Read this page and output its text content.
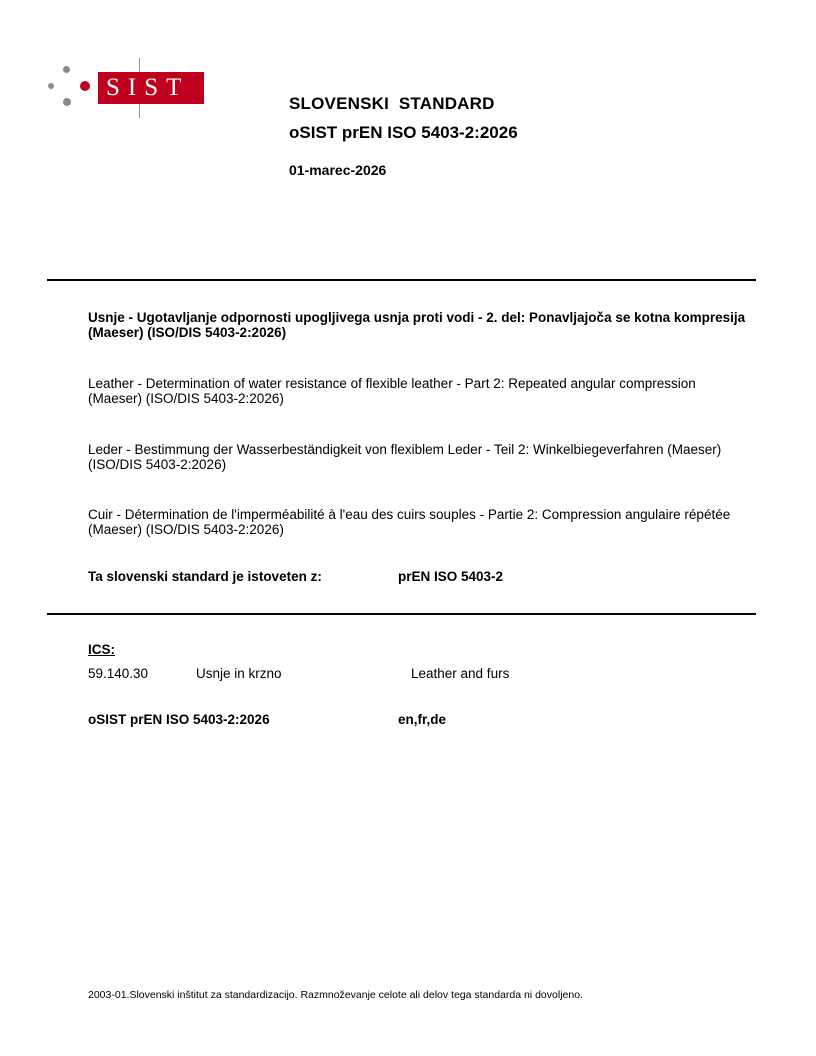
SIST
SLOVENSKI  STANDARD
oSIST prEN ISO 5403-2:2026
01-marec-2026
Usnje - Ugotavljanje odpornosti upogljivega usnja proti vodi - 2. del: Ponavljajoča se kotna kompresija (Maeser) (ISO/DIS 5403-2:2026)
Leather - Determination of water resistance of flexible leather - Part 2: Repeated angular compression (Maeser) (ISO/DIS 5403-2:2026)
Leder - Bestimmung der Wasserbeständigkeit von flexiblem Leder - Teil 2: Winkelbiegeverfahren (Maeser) (ISO/DIS 5403-2:2026)
Cuir - Détermination de l'imperméabilité à l'eau des cuirs souples - Partie 2: Compression angulaire répétée (Maeser) (ISO/DIS 5403-2:2026)
Ta slovenski standard je istoveten z:	prEN ISO 5403-2
ICS:
59.140.30	Usnje in krzno	Leather and furs
oSIST prEN ISO 5403-2:2026	en,fr,de
2003-01.Slovenski inštitut za standardizacijo. Razmnoževanje celote ali delov tega standarda ni dovoljeno.
